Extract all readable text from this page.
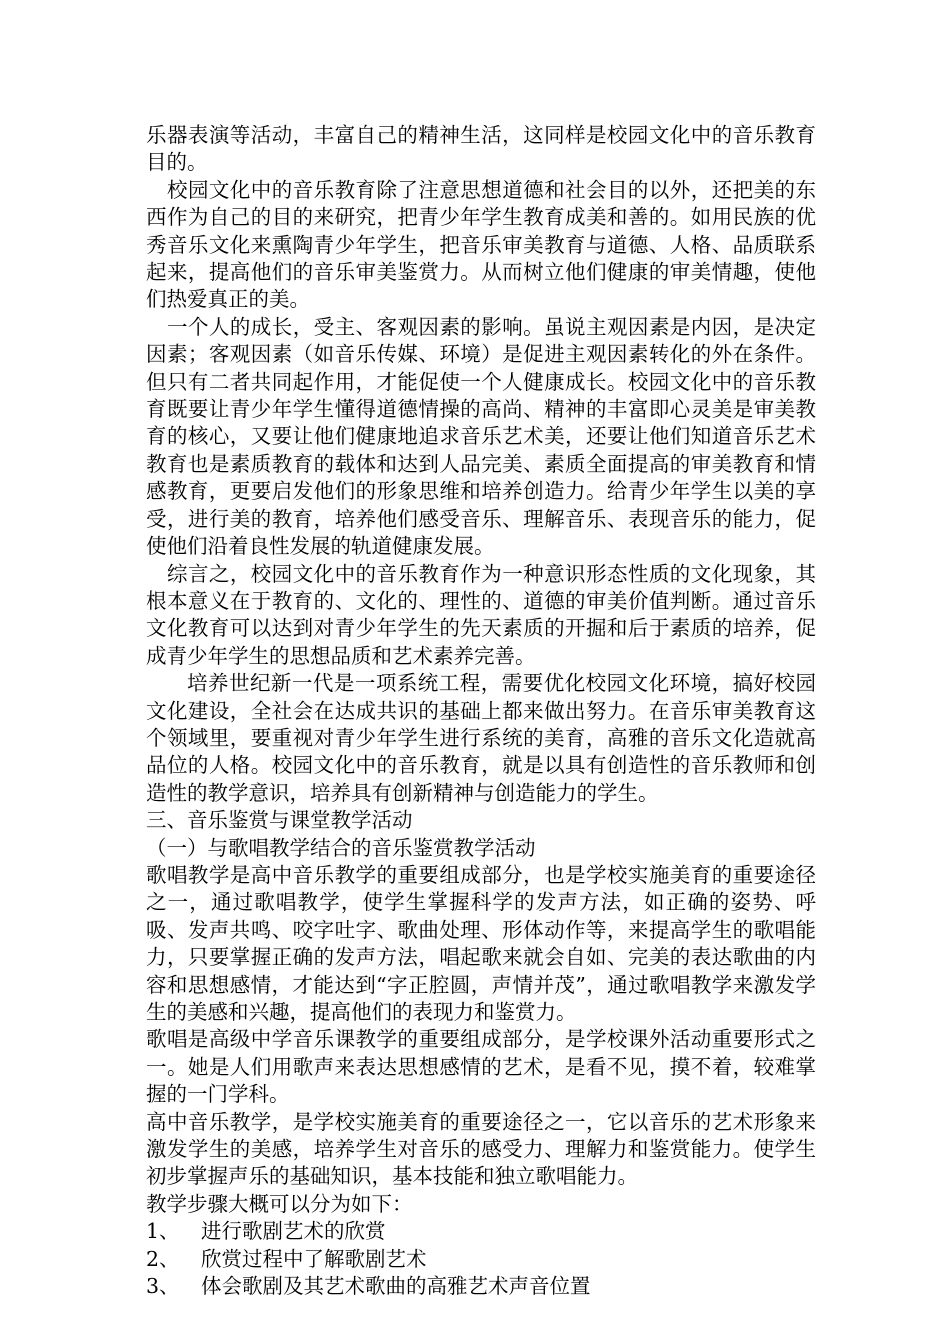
乐器表演等活动，丰富自己的精神生活，这同样是校园文化中的音乐教育目的。

校园文化中的音乐教育除了注意思想道德和社会目的以外，还把美的东西作为自己的目的来研究，把青少年学生教育成美和善的。如用民族的优秀音乐文化来熏陶青少年学生，把音乐审美教育与道德、人格、品质联系起来，提高他们的音乐审美鉴赏力。从而树立他们健康的审美情趣，使他们热爱真正的美。

一个人的成长，受主、客观因素的影响。虽说主观因素是内因，是决定因素；客观因素（如音乐传媒、环境）是促进主观因素转化的外在条件。但只有二者共同起作用，才能促使一个人健康成长。校园文化中的音乐教育既要让青少年学生懂得道德情操的高尚、精神的丰富即心灵美是审美教育的核心，又要让他们健康地追求音乐艺术美，还要让他们知道音乐艺术教育也是素质教育的载体和达到人品完美、素质全面提高的审美教育和情感教育，更要启发他们的形象思维和培养创造力。给青少年学生以美的享受，进行美的教育，培养他们感受音乐、理解音乐、表现音乐的能力，促使他们沿着良性发展的轨道健康发展。

综言之，校园文化中的音乐教育作为一种意识形态性质的文化现象，其根本意义在于教育的、文化的、理性的、道德的审美价值判断。通过音乐文化教育可以达到对青少年学生的先天素质的开掘和后于素质的培养，促成青少年学生的思想品质和艺术素养完善。

培养世纪新一代是一项系统工程，需要优化校园文化环境，搞好校园文化建设，全社会在达成共识的基础上都来做出努力。在音乐审美教育这个领域里，要重视对青少年学生进行系统的美育，高雅的音乐文化造就高品位的人格。校园文化中的音乐教育，就是以具有创造性的音乐教师和创造性的教学意识，培养具有创新精神与创造能力的学生。

三、音乐鉴赏与课堂教学活动

（一）与歌唱教学结合的音乐鉴赏教学活动

歌唱教学是高中音乐教学的重要组成部分，也是学校实施美育的重要途径之一，通过歌唱教学，使学生掌握科学的发声方法，如正确的姿势、呼吸、发声共鸣、咬字吐字、歌曲处理、形体动作等，来提高学生的歌唱能力，只要掌握正确的发声方法，唱起歌来就会自如、完美的表达歌曲的内容和思想感情，才能达到“字正腔圆，声情并茂”，通过歌唱教学来激发学生的美感和兴趣，提高他们的表现力和鉴赏力。

歌唱是高级中学音乐课教学的重要组成部分，是学校课外活动重要形式之一。她是人们用歌声来表达思想感情的艺术，是看不见，摸不着，较难掌握的一门学科。

高中音乐教学，是学校实施美育的重要途径之一，它以音乐的艺术形象来激发学生的美感，培养学生对音乐的感受力、理解力和鉴赏能力。使学生初步掌握声乐的基础知识，基本技能和独立歌唱能力。

教学步骤大概可以分为如下：

1、	进行歌剧艺术的欣赏
2、	欣赏过程中了解歌剧艺术
3、	体会歌剧及其艺术歌曲的高雅艺术声音位置
